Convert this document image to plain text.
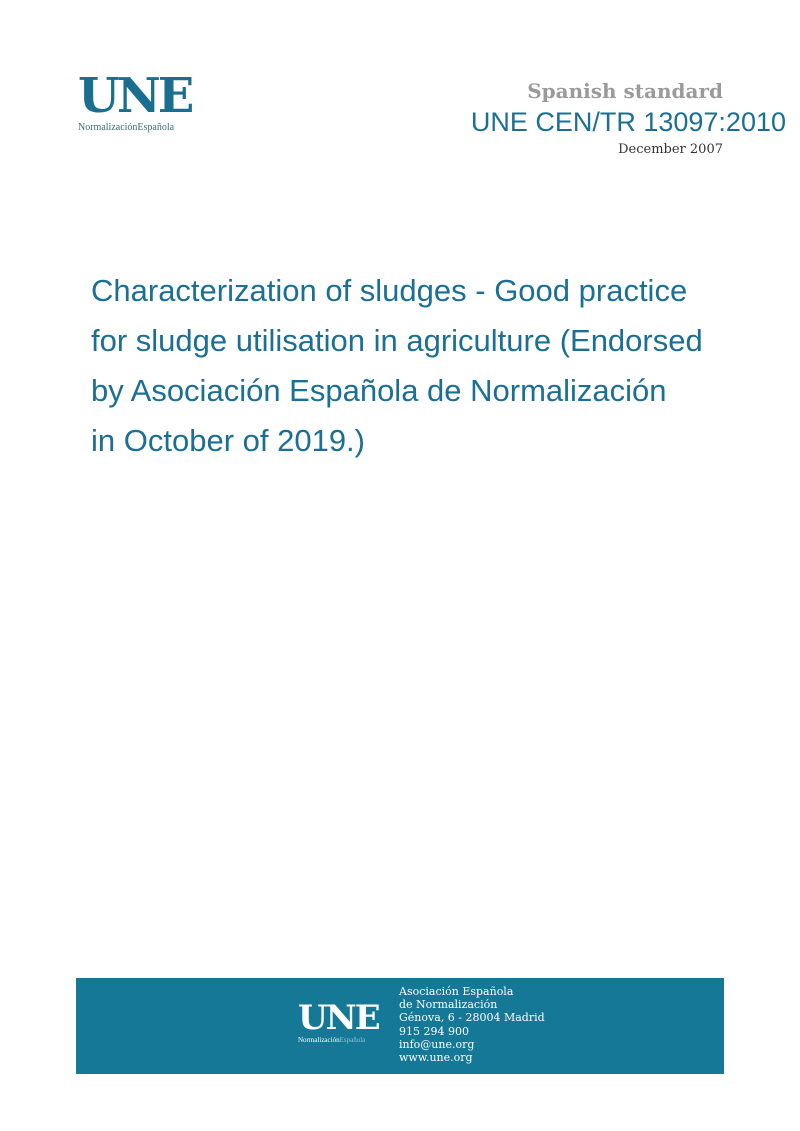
UNE
NormalizaciónEspañola
Spanish standard
UNE CEN/TR 13097:2010
December 2007
Characterization of sludges - Good practice
for sludge utilisation in agriculture (Endorsed
by Asociación Española de Normalización
in October of 2019.)
UNE
NormalizaciónEspañola
Asociación Española
de Normalización
Génova, 6 - 28004 Madrid
915 294 900
info@une.org
www.une.org
